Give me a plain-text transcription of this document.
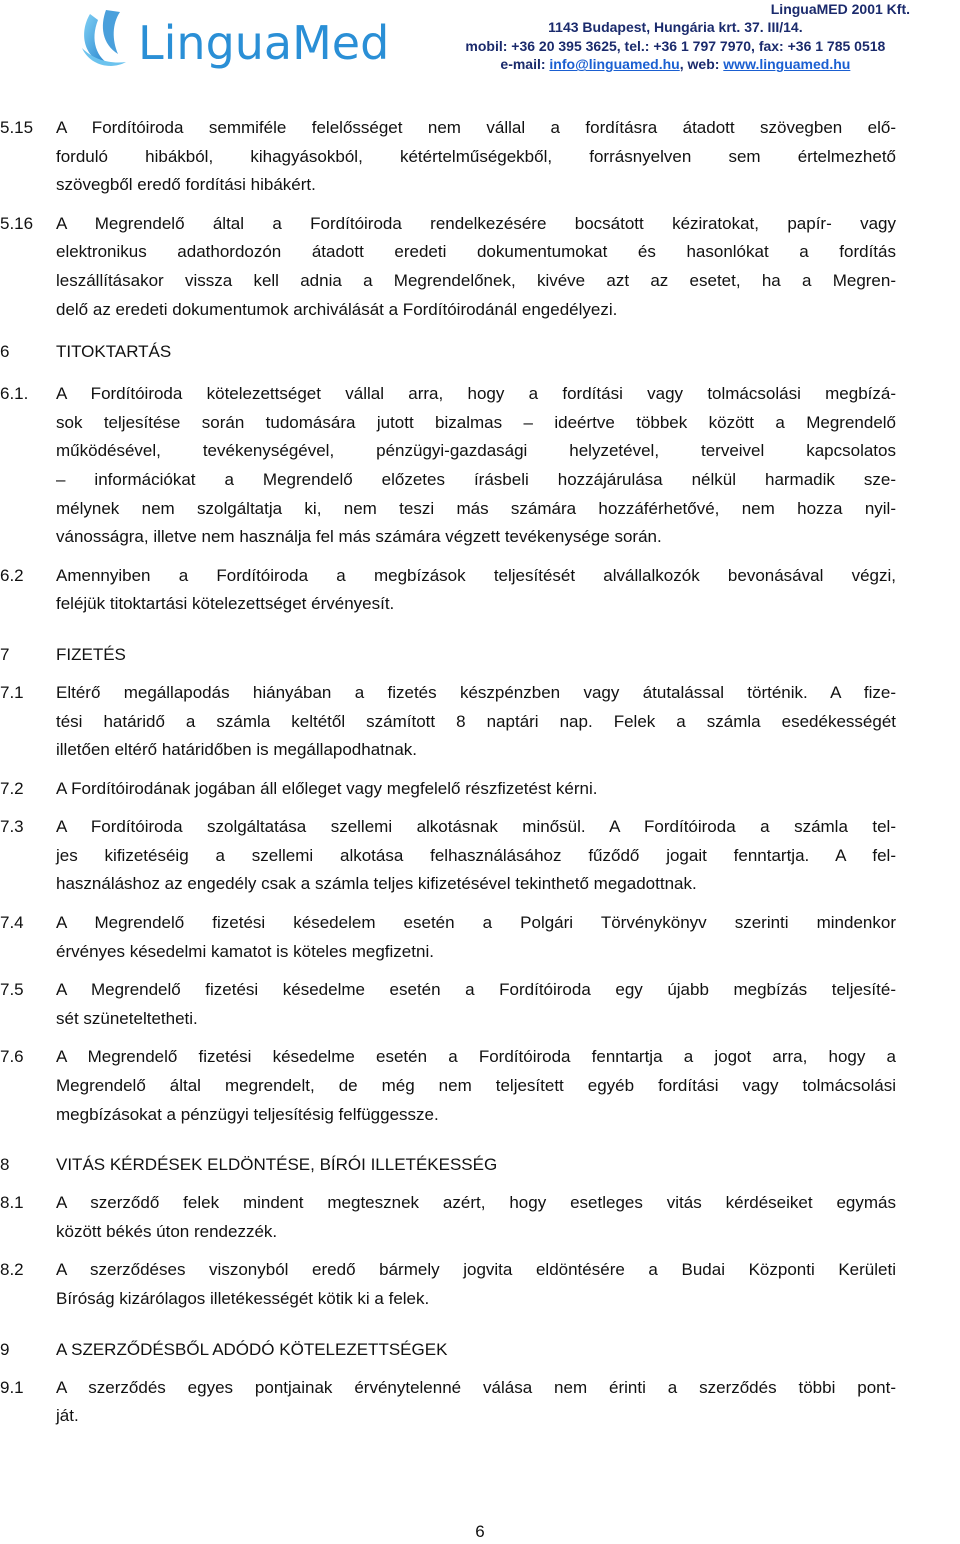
LinguaMed
LinguaMED 2001 Kft.
1143 Budapest, Hungária krt. 37. III/14.
mobil: +36 20 395 3625, tel.: +36 1 797 7970, fax: +36 1 785 0518
e-mail: info@linguamed.hu, web: www.linguamed.hu
5.15	A Fordítóiroda semmiféle felelősséget nem vállal a fordításra átadott szövegben elő-
forduló hibákból, kihagyásokból, kétértelműségekből, forrásnyelven sem értelmezhető
szövegből eredő fordítási hibákért.
5.16	A Megrendelő által a Fordítóiroda rendelkezésére bocsátott kéziratokat, papír- vagy
elektronikus adathordozón átadott eredeti dokumentumokat és hasonlókat a fordítás
leszállításakor vissza kell adnia a Megrendelőnek, kivéve azt az esetet, ha a Megren-
delő az eredeti dokumentumok archiválását a Fordítóirodánál engedélyezi.
6	TITOKTARTÁS
6.1.	A Fordítóiroda kötelezettséget vállal arra, hogy a fordítási vagy tolmácsolási megbízá-
sok teljesítése során tudomására jutott bizalmas – ideértve többek között a Megrendelő
működésével, tevékenységével, pénzügyi-gazdasági helyzetével, terveivel kapcsolatos
– információkat a Megrendelő előzetes írásbeli hozzájárulása nélkül harmadik sze-
mélynek nem szolgáltatja ki, nem teszi más számára hozzáférhetővé, nem hozza nyil-
vánosságra, illetve nem használja fel más számára végzett tevékenysége során.
6.2	Amennyiben a Fordítóiroda a megbízások teljesítését alvállalkozók bevonásával végzi,
feléjük titoktartási kötelezettséget érvényesít.
7	FIZETÉS
7.1	Eltérő megállapodás hiányában a fizetés készpénzben vagy átutalással történik. A fize-
tési határidő a számla keltétől számított 8 naptári nap. Felek a számla esedékességét
illetően eltérő határidőben is megállapodhatnak.
7.2	A Fordítóirodának jogában áll előleget vagy megfelelő részfizetést kérni.
7.3	A Fordítóiroda szolgáltatása szellemi alkotásnak minősül. A Fordítóiroda a számla tel-
jes kifizetéséig a szellemi alkotása felhasználásához fűződő jogait fenntartja. A fel-
használáshoz az engedély csak a számla teljes kifizetésével tekinthető megadottnak.
7.4	A Megrendelő fizetési késedelem esetén a Polgári Törvénykönyv szerinti mindenkor
érvényes késedelmi kamatot is köteles megfizetni.
7.5	A Megrendelő fizetési késedelme esetén a Fordítóiroda egy újabb megbízás teljesíté-
sét szüneteltetheti.
7.6	A Megrendelő fizetési késedelme esetén a Fordítóiroda fenntartja a jogot arra, hogy a
Megrendelő által megrendelt, de még nem teljesített egyéb fordítási vagy tolmácsolási
megbízásokat a pénzügyi teljesítésig felfüggessze.
8	VITÁS KÉRDÉSEK ELDÖNTÉSE, BÍRÓI ILLETÉKESSÉG
8.1	A szerződő felek mindent megtesznek azért, hogy esetleges vitás kérdéseiket egymás
között békés úton rendezzék.
8.2	A szerződéses viszonyból eredő bármely jogvita eldöntésére a Budai Központi Kerületi
Bíróság kizárólagos illetékességét kötik ki a felek.
9	A SZERZŐDÉSBŐL ADÓDÓ KÖTELEZETTSÉGEK
9.1	A szerződés egyes pontjainak érvénytelenné válása nem érinti a szerződés többi pont-
ját.
6
